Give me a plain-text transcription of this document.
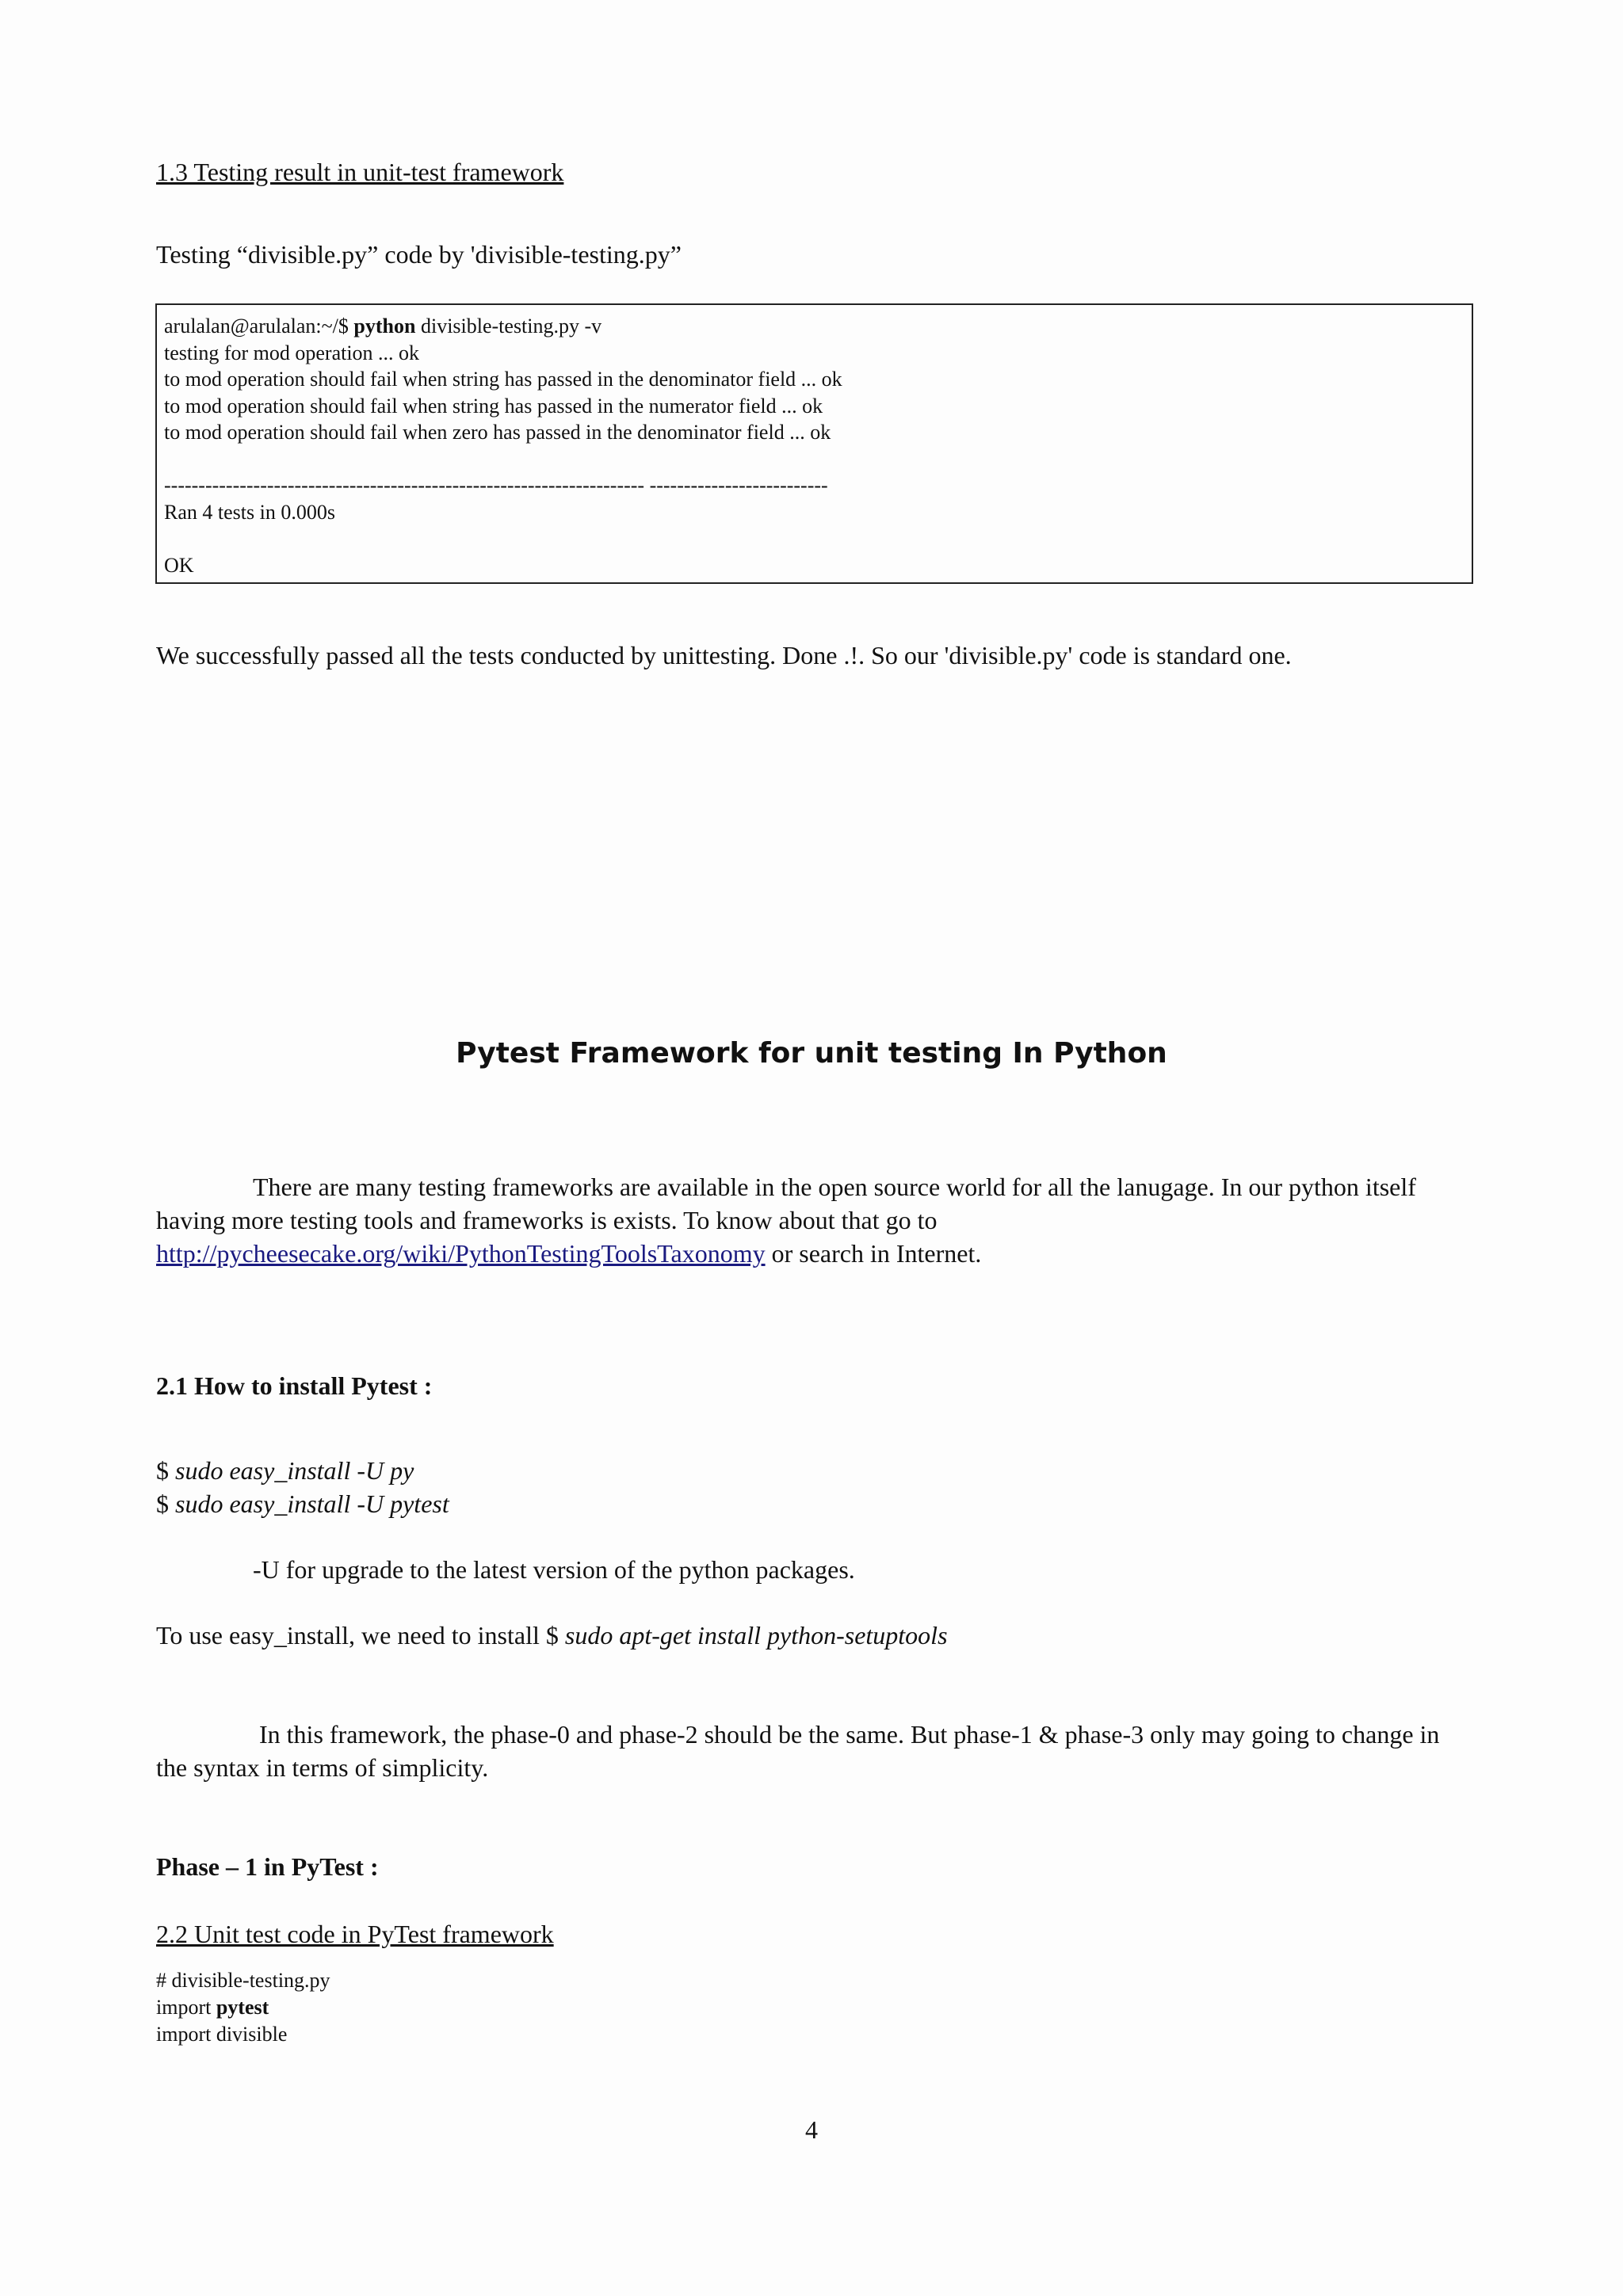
1.3 Testing result in unit-test framework
Testing “divisible.py” code by 'divisible-testing.py”
arulalan@arulalan:~/$ python divisible-testing.py -v
testing for mod operation ... ok
to mod operation should fail when string has passed in the denominator field ... ok
to mod operation should fail when string has passed in the numerator field ... ok
to mod operation should fail when zero has passed in the denominator field ... ok

---------------------------------------------------------------------- --------------------------
Ran 4 tests in 0.000s

OK
We successfully passed all the tests conducted by unittesting. Done .!. So our 'divisible.py' code is standard one.
Pytest Framework for unit testing In Python
There are many testing frameworks are available in the open source world for all the lanugage. In our python itself having more testing tools and frameworks is exists. To know about that go to http://pycheesecake.org/wiki/PythonTestingToolsTaxonomy or search in Internet.
2.1 How to install Pytest :
$ sudo easy_install -U py
$ sudo easy_install -U pytest
-U for upgrade to the latest version of the python packages.
To use easy_install, we need to install $ sudo apt-get install python-setuptools
In this framework, the phase-0 and phase-2 should be the same. But phase-1 & phase-3 only may going to change in the syntax in terms of simplicity.
Phase – 1 in PyTest :
2.2 Unit test code in PyTest framework
# divisible-testing.py
import pytest
import divisible
4
